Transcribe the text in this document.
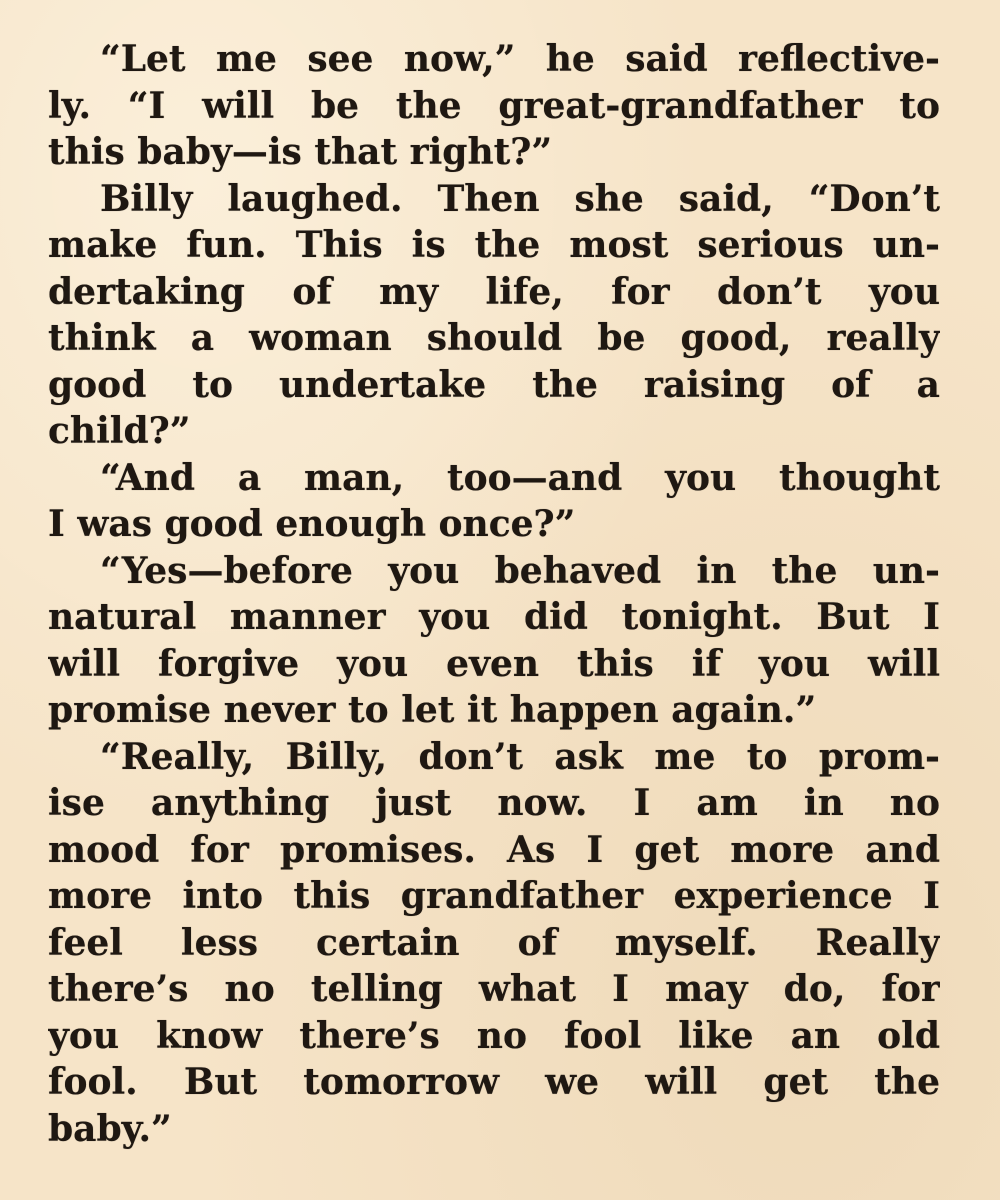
“Let me see now,” he said reflective-
ly. “I will be the great-grandfather to
this baby—is that right?”
Billy laughed. Then she said, “Don’t
make fun. This is the most serious un-
dertaking of my life, for don’t you
think a woman should be good, really
good to undertake the raising of a
child?”
“And a man, too—and you thought
I was good enough once?”
“Yes—before you behaved in the un-
natural manner you did tonight. But I
will forgive you even this if you will
promise never to let it happen again.”
“Really, Billy, don’t ask me to prom-
ise anything just now. I am in no
mood for promises. As I get more and
more into this grandfather experience I
feel less certain of myself. Really
there’s no telling what I may do, for
you know there’s no fool like an old
fool. But tomorrow we will get the
baby.”
